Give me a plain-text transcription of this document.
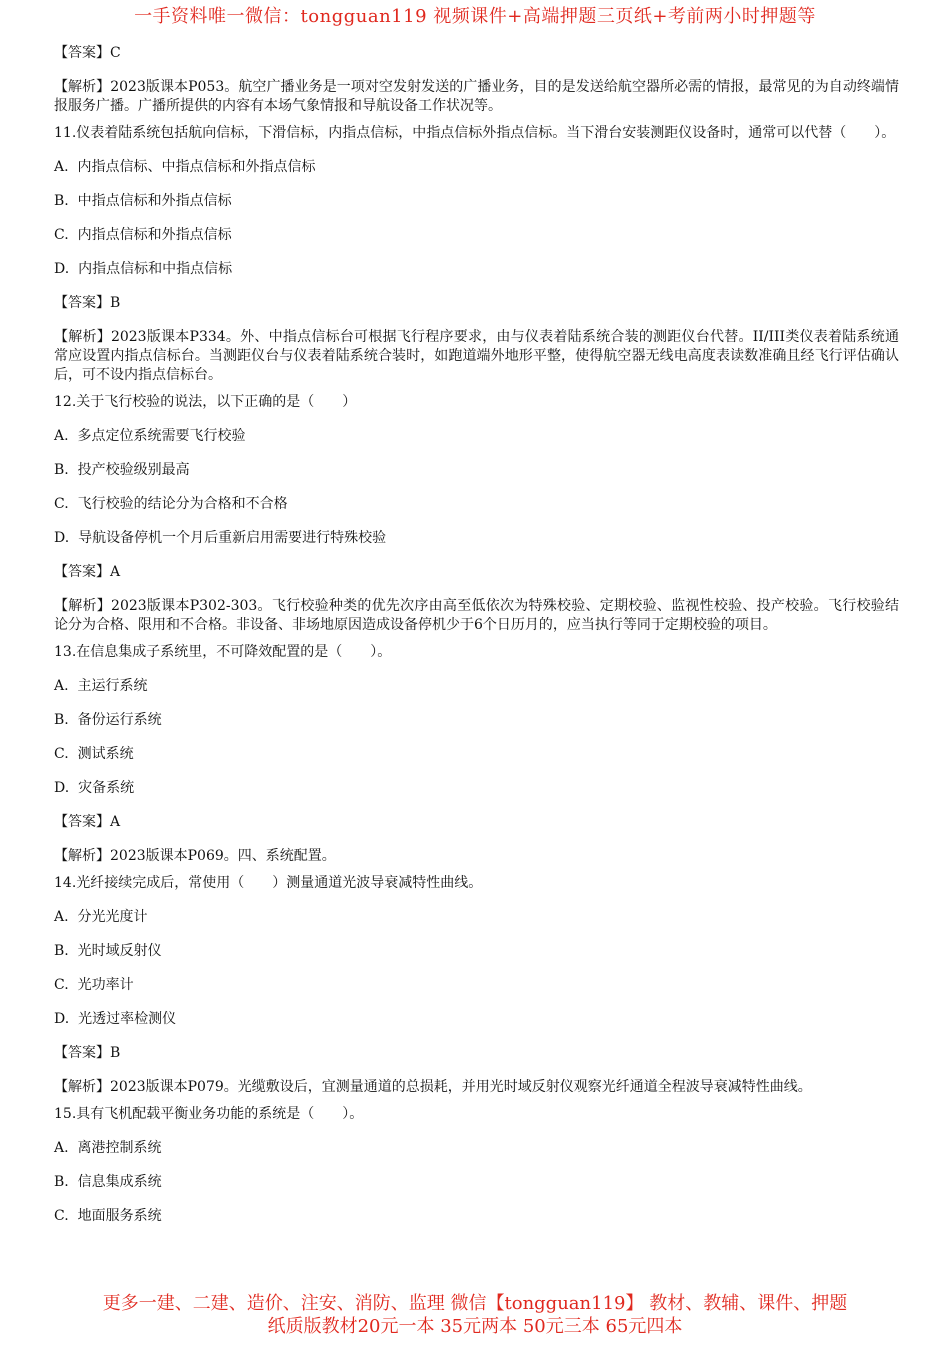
一手资料唯一微信：tongguan119 视频课件+高端押题三页纸+考前两小时押题等

【答案】C

【解析】2023版课本P053。航空广播业务是一项对空发射发送的广播业务，目的是发送给航空器所必需的情报，最常见的为自动终端情报服务广播。广播所提供的内容有本场气象情报和导航设备工作状况等。

11.仪表着陆系统包括航向信标，下滑信标，内指点信标，中指点信标外指点信标。当下滑台安装测距仪设备时，通常可以代替（　　）。

A.  内指点信标、中指点信标和外指点信标

B.  中指点信标和外指点信标

C.  内指点信标和外指点信标

D.  内指点信标和中指点信标

【答案】B

【解析】2023版课本P334。外、中指点信标台可根据飞行程序要求，由与仪表着陆系统合装的测距仪台代替。II/III类仪表着陆系统通常应设置内指点信标台。当测距仪台与仪表着陆系统合装时，如跑道端外地形平整，使得航空器无线电高度表读数准确且经飞行评估确认后，可不设内指点信标台。

12.关于飞行校验的说法，以下正确的是（　　）

A.  多点定位系统需要飞行校验

B.  投产校验级别最高

C.  飞行校验的结论分为合格和不合格

D.  导航设备停机一个月后重新启用需要进行特殊校验

【答案】A

【解析】2023版课本P302-303。飞行校验种类的优先次序由高至低依次为特殊校验、定期校验、监视性校验、投产校验。飞行校验结论分为合格、限用和不合格。非设备、非场地原因造成设备停机少于6个日历月的，应当执行等同于定期校验的项目。

13.在信息集成子系统里，不可降效配置的是（　　）。

A.  主运行系统

B.  备份运行系统

C.  测试系统

D.  灾备系统

【答案】A

【解析】2023版课本P069。四、系统配置。

14.光纤接续完成后，常使用（　　）测量通道光波导衰减特性曲线。

A.  分光光度计

B.  光时域反射仪

C.  光功率计

D.  光透过率检测仪

【答案】B

【解析】2023版课本P079。光缆敷设后，宜测量通道的总损耗，并用光时域反射仪观察光纤通道全程波导衰减特性曲线。

15.具有飞机配载平衡业务功能的系统是（　　）。

A.  离港控制系统

B.  信息集成系统

C.  地面服务系统

更多一建、二建、造价、注安、消防、监理 微信【tongguan119】 教材、教辅、课件、押题
纸质版教材20元一本 35元两本 50元三本 65元四本
